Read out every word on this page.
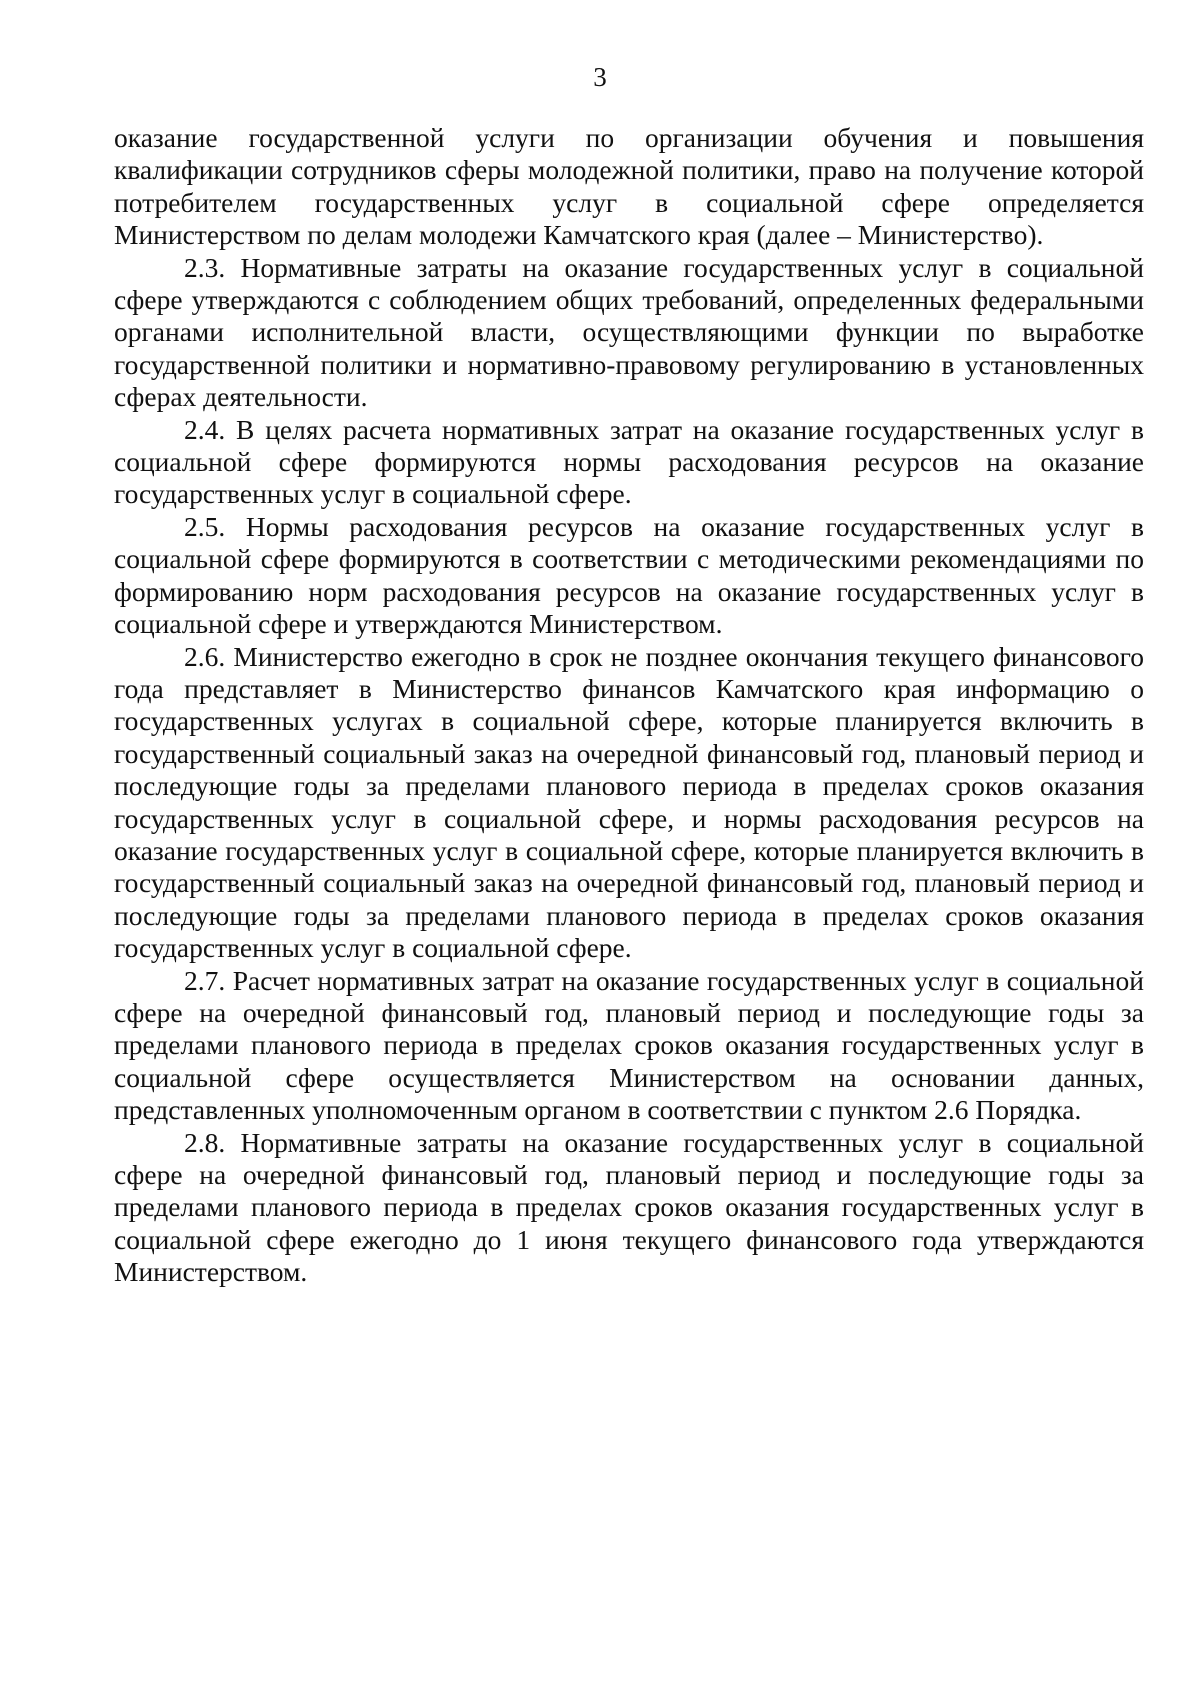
3

оказание государственной услуги по организации обучения и повышения квалификации сотрудников сферы молодежной политики, право на получение которой потребителем государственных услуг в социальной сфере определяется Министерством по делам молодежи Камчатского края (далее – Министерство).

2.3. Нормативные затраты на оказание государственных услуг в социальной сфере утверждаются с соблюдением общих требований, определенных федеральными органами исполнительной власти, осуществляющими функции по выработке государственной политики и нормативно-правовому регулированию в установленных сферах деятельности.

2.4. В целях расчета нормативных затрат на оказание государственных услуг в социальной сфере формируются нормы расходования ресурсов на оказание государственных услуг в социальной сфере.

2.5. Нормы расходования ресурсов на оказание государственных услуг в социальной сфере формируются в соответствии с методическими рекомендациями по формированию норм расходования ресурсов на оказание государственных услуг в социальной сфере и утверждаются Министерством.

2.6. Министерство ежегодно в срок не позднее окончания текущего финансового года представляет в Министерство финансов Камчатского края информацию о государственных услугах в социальной сфере, которые планируется включить в государственный социальный заказ на очередной финансовый год, плановый период и последующие годы за пределами планового периода в пределах сроков оказания государственных услуг в социальной сфере, и нормы расходования ресурсов на оказание государственных услуг в социальной сфере, которые планируется включить в государственный социальный заказ на очередной финансовый год, плановый период и последующие годы за пределами планового периода в пределах сроков оказания государственных услуг в социальной сфере.

2.7. Расчет нормативных затрат на оказание государственных услуг в социальной сфере на очередной финансовый год, плановый период и последующие годы за пределами планового периода в пределах сроков оказания государственных услуг в социальной сфере осуществляется Министерством на основании данных, представленных уполномоченным органом в соответствии с пунктом 2.6 Порядка.

2.8. Нормативные затраты на оказание государственных услуг в социальной сфере на очередной финансовый год, плановый период и последующие годы за пределами планового периода в пределах сроков оказания государственных услуг в социальной сфере ежегодно до 1 июня текущего финансового года утверждаются Министерством.
